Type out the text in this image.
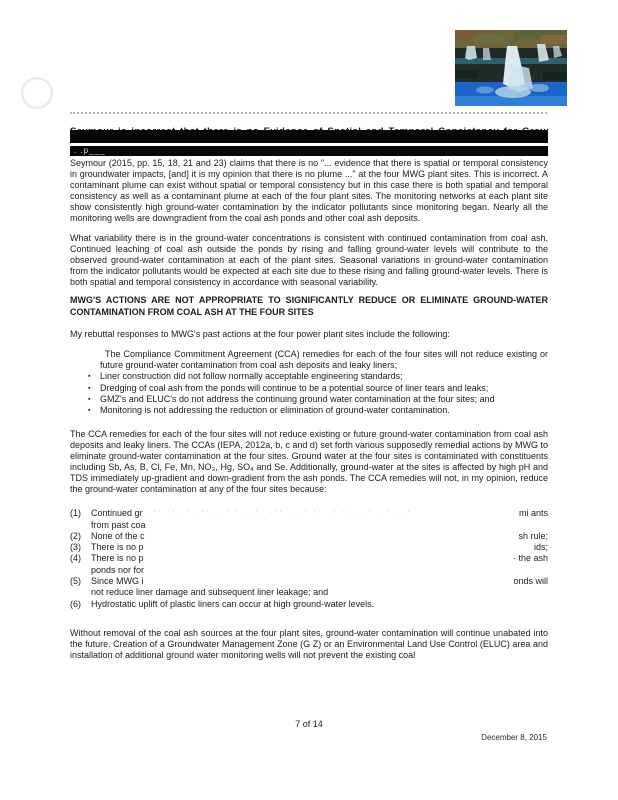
. .p___
Seymour (2015, pp. 15, 18, 21 and 23) claims that there is no "... evidence that there is spatial or temporal consistency in groundwater impacts, [and] it is my opinion that there is no plume ..." at the four MWG plant sites. This is incorrect. A contaminant plume can exist without spatial or temporal consistency but in this case there is both spatial and temporal consistency as well as a contaminant plume at each of the four plant sites. The monitoring networks at each plant site show consistently high ground-water contamination by the indicator pollutants since monitoring began. Nearly all the monitoring wells are downgradient from the coal ash ponds and other coal ash deposits.
What variability there is in the ground-water concentrations is consistent with continued contamination from coal ash. Continued leaching of coal ash outside the ponds by rising and falling ground-water levels will contribute to the observed ground-water contamination at each of the plant sites. Seasonal variations in ground-water contamination from the indicator pollutants would be expected at each site due to these rising and falling ground-water levels. There is both spatial and temporal consistency in accordance with seasonal variability.
MWG'S ACTIONS ARE NOT APPROPRIATE TO SIGNIFICANTLY REDUCE OR ELIMINATE GROUND-WATER CONTAMINATION FROM COAL ASH AT THE FOUR SITES
My rebuttal responses to MWG's past actions at the four power plant sites include the following:
The Compliance Commitment Agreement (CCA) remedies for each of the four sites will not reduce existing or future ground-water contamination from coal ash deposits and leaky liners;
▪	Liner construction did not follow normally acceptable engineering standards;
▪	Dredging of coal ash from the ponds will continue to be a potential source of liner tears and leaks;
▪	GMZ's and ELUC's do not address the continuing ground water contamination at the four sites; and
▪	Monitoring is not addressing the reduction or elimination of ground-water contamination.
The CCA remedies for each of the four sites will not reduce existing or future ground-water contamination from coal ash deposits and leaky liners. The CCAs (IEPA, 2012a, b, c and d) set forth various supposedly remedial actions by MWG to eliminate ground-water contamination at the four sites. Ground water at the four sites is contaminated with constituents including Sb, As, B, Cl, Fe, Mn, NO₃, Hg, SO₄ and Se. Additionally, ground-water at the sites is affected by high pH and TDS immediately up-gradient and down-gradient from the ash ponds. The CCA remedies will not, in my opinion, reduce the ground-water contamination at any of the four sites because:
(1)	Continued gr ·'' ·'· '· ''· ·' '· ·'· ·'' · ·' '· ·' '·· ·' · '· ·'	mi ants
from past coa
(2)	None of the c	sh rule;
(3)	There is no p	ids;
(4)	There is no p	· the ash
ponds nor for
(5)	Since MWG i	onds will
not reduce liner damage and subsequent liner leakage; and
(6)	Hydrostatic uplift of plastic liners can occur at high ground-water levels.
Without removal of the coal ash sources at the four plant sites, ground-water contamination will continue unabated into the future. Creation of a Groundwater Management Zone (G Z) or an Environmental Land Use Control (ELUC) area and installation of additional ground water monitoring wells will not prevent the existing coal
7 of 14
December 8, 2015
